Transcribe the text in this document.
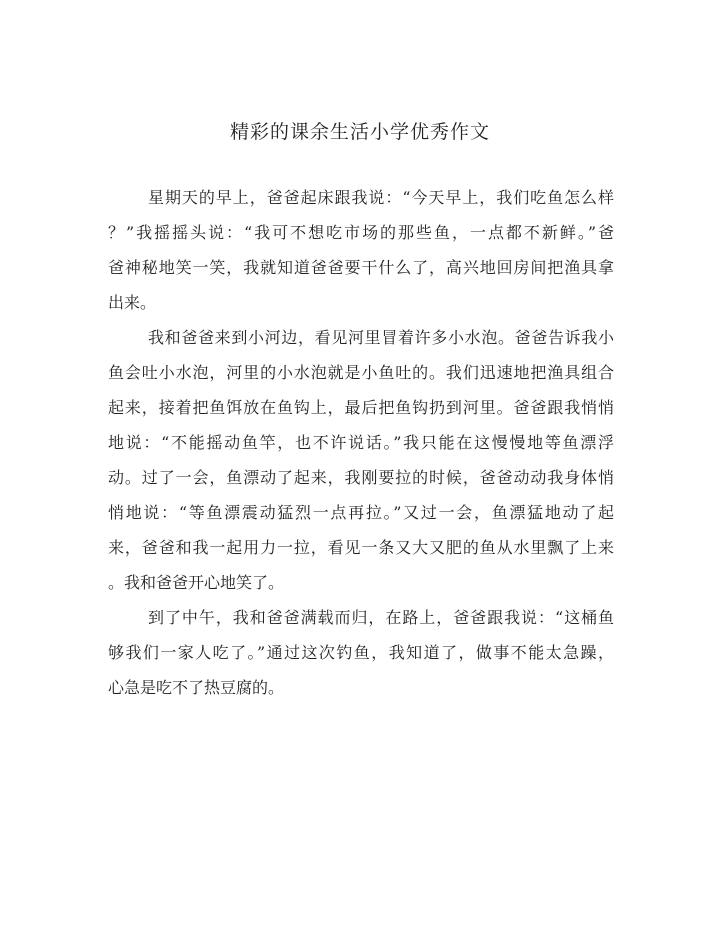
精彩的课余生活小学优秀作文

星期天的早上，爸爸起床跟我说：“今天早上，我们吃鱼怎么样

？”我摇摇头说：“我可不想吃市场的那些鱼，一点都不新鲜。”爸

爸神秘地笑一笑，我就知道爸爸要干什么了，高兴地回房间把渔具拿

出来。

我和爸爸来到小河边，看见河里冒着许多小水泡。爸爸告诉我小

鱼会吐小水泡，河里的小水泡就是小鱼吐的。我们迅速地把渔具组合

起来，接着把鱼饵放在鱼钩上，最后把鱼钩扔到河里。爸爸跟我悄悄

地说：“不能摇动鱼竿，也不许说话。”我只能在这慢慢地等鱼漂浮

动。过了一会，鱼漂动了起来，我刚要拉的时候，爸爸动动我身体悄

悄地说：“等鱼漂震动猛烈一点再拉。”又过一会，鱼漂猛地动了起

来，爸爸和我一起用力一拉，看见一条又大又肥的鱼从水里飘了上来

。我和爸爸开心地笑了。

到了中午，我和爸爸满载而归，在路上，爸爸跟我说：“这桶鱼

够我们一家人吃了。”通过这次钓鱼，我知道了，做事不能太急躁，

心急是吃不了热豆腐的。
